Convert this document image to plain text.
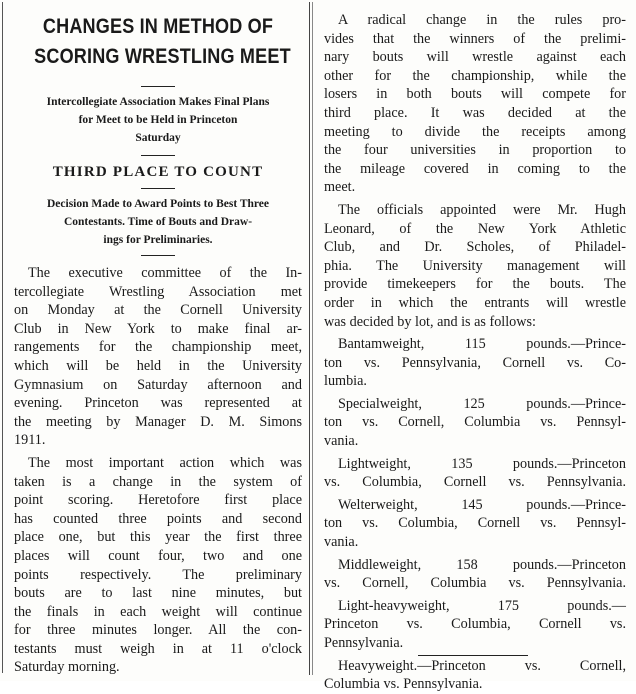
CHANGES IN METHOD OF
SCORING WRESTLING MEET
Intercollegiate Association Makes Final Plans
for Meet to be Held in Princeton
Saturday
THIRD PLACE TO COUNT
Decision Made to Award Points to Best Three
Contestants. Time of Bouts and Draw-
ings for Preliminaries.
The executive committee of the In-
tercollegiate Wrestling Association met
on Monday at the Cornell University
Club in New York to make final ar-
rangements for the championship meet,
which will be held in the University
Gymnasium on Saturday afternoon and
evening. Princeton was represented at
the meeting by Manager D. M. Simons
1911.
The most important action which was
taken is a change in the system of
point scoring. Heretofore first place
has counted three points and second
place one, but this year the first three
places will count four, two and one
points respectively. The preliminary
bouts are to last nine minutes, but
the finals in each weight will continue
for three minutes longer. All the con-
testants must weigh in at 11 o'clock
Saturday morning.
A radical change in the rules pro-
vides that the winners of the prelimi-
nary bouts will wrestle against each
other for the championship, while the
losers in both bouts will compete for
third place. It was decided at the
meeting to divide the receipts among
the four universities in proportion to
the mileage covered in coming to the
meet.
The officials appointed were Mr. Hugh
Leonard, of the New York Athletic
Club, and Dr. Scholes, of Philadel-
phia. The University management will
provide timekeepers for the bouts. The
order in which the entrants will wrestle
was decided by lot, and is as follows:
Bantamweight, 115 pounds.—Prince-
ton vs. Pennsylvania, Cornell vs. Co-
lumbia.
Specialweight, 125 pounds.—Prince-
ton vs. Cornell, Columbia vs. Pennsyl-
vania.
Lightweight, 135 pounds.—Princeton
vs. Columbia, Cornell vs. Pennsylvania.
Welterweight, 145 pounds.—Prince-
ton vs. Columbia, Cornell vs. Pennsyl-
vania.
Middleweight, 158 pounds.—Princeton
vs. Cornell, Columbia vs. Pennsylvania.
Light-heavyweight, 175 pounds.—
Princeton vs. Columbia, Cornell vs.
Pennsylvania.
Heavyweight.—Princeton vs. Cornell,
Columbia vs. Pennsylvania.
